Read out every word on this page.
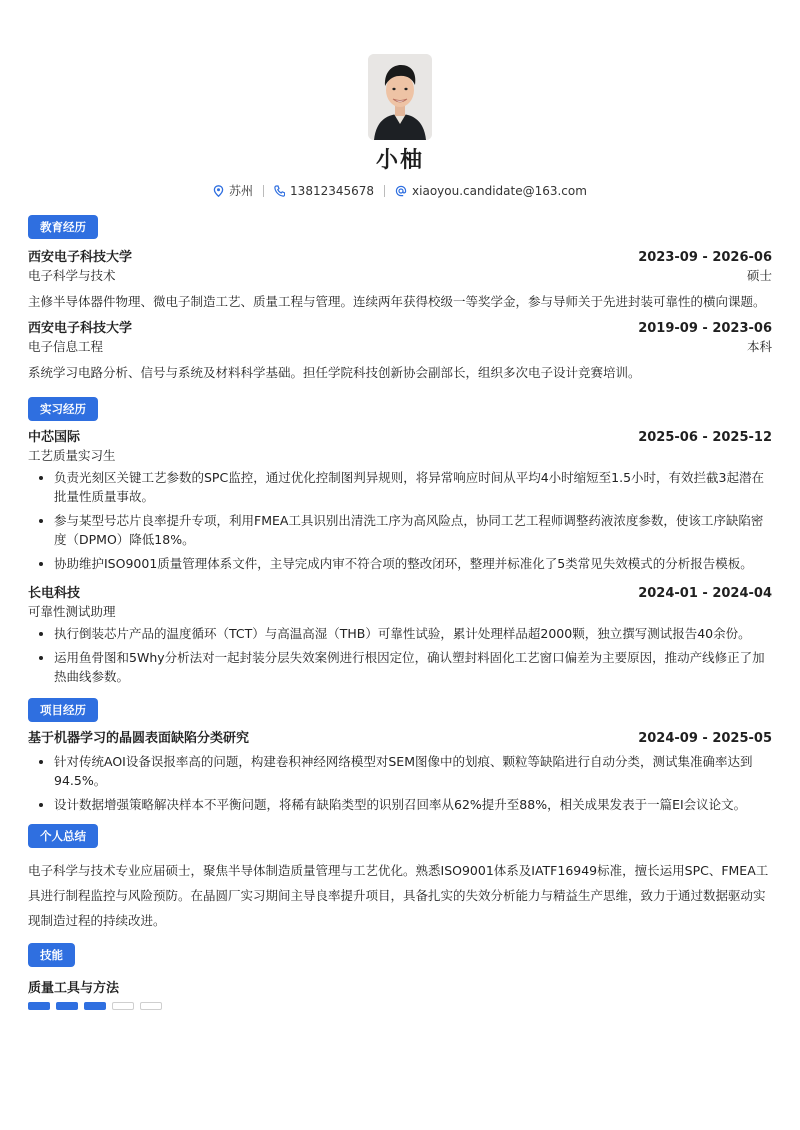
小柚
苏州	13812345678	xiaoyou.candidate@163.com
教育经历
西安电子科技大学	2023-09 - 2026-06
电子科学与技术	硕士
主修半导体器件物理、微电子制造工艺、质量工程与管理。连续两年获得校级一等奖学金，参与导师关于先进封装可靠性的横向课题。
西安电子科技大学	2019-09 - 2023-06
电子信息工程	本科
系统学习电路分析、信号与系统及材料科学基础。担任学院科技创新协会副部长，组织多次电子设计竞赛培训。
实习经历
中芯国际	2025-06 - 2025-12
工艺质量实习生
• 负责光刻区关键工艺参数的SPC监控，通过优化控制图判异规则，将异常响应时间从平均4小时缩短至1.5小时，有效拦截3起潜在批量性质量事故。
• 参与某型号芯片良率提升专项，利用FMEA工具识别出清洗工序为高风险点，协同工艺工程师调整药液浓度参数，使该工序缺陷密度（DPMO）降低18%。
• 协助维护ISO9001质量管理体系文件，主导完成内审不符合项的整改闭环，整理并标准化了5类常见失效模式的分析报告模板。
长电科技	2024-01 - 2024-04
可靠性测试助理
• 执行倒装芯片产品的温度循环（TCT）与高温高湿（THB）可靠性试验，累计处理样品超2000颗，独立撰写测试报告40余份。
• 运用鱼骨图和5Why分析法对一起封装分层失效案例进行根因定位，确认塑封料固化工艺窗口偏差为主要原因，推动产线修正了加热曲线参数。
项目经历
基于机器学习的晶圆表面缺陷分类研究	2024-09 - 2025-05
• 针对传统AOI设备误报率高的问题，构建卷积神经网络模型对SEM图像中的划痕、颗粒等缺陷进行自动分类，测试集准确率达到94.5%。
• 设计数据增强策略解决样本不平衡问题，将稀有缺陷类型的识别召回率从62%提升至88%，相关成果发表于一篇EI会议论文。
个人总结
电子科学与技术专业应届硕士，聚焦半导体制造质量管理与工艺优化。熟悉ISO9001体系及IATF16949标准，擅长运用SPC、FMEA工具进行制程监控与风险预防。在晶圆厂实习期间主导良率提升项目，具备扎实的失效分析能力与精益生产思维，致力于通过数据驱动实现制造过程的持续改进。
技能
质量工具与方法
